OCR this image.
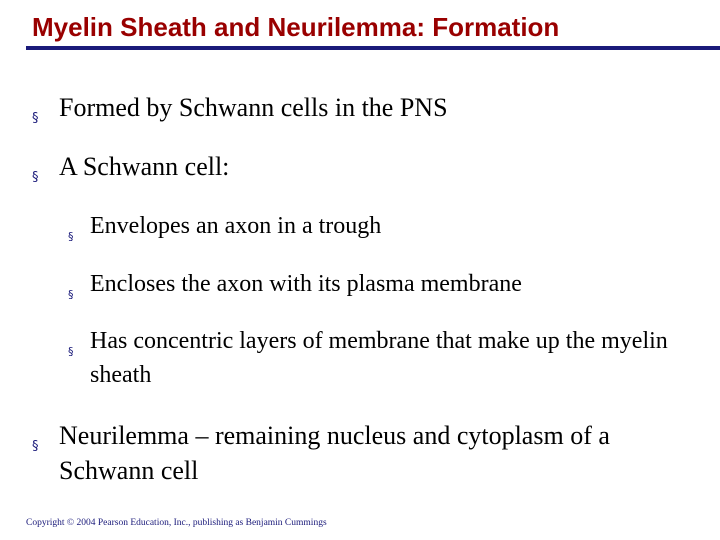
Myelin Sheath and Neurilemma: Formation
§ Formed by Schwann cells in the PNS
§ A Schwann cell:
§ Envelopes an axon in a trough
§ Encloses the axon with its plasma membrane
§ Has concentric layers of membrane that make up the myelin sheath
§ Neurilemma – remaining nucleus and cytoplasm of a Schwann cell
Copyright © 2004 Pearson Education, Inc., publishing as Benjamin Cummings
